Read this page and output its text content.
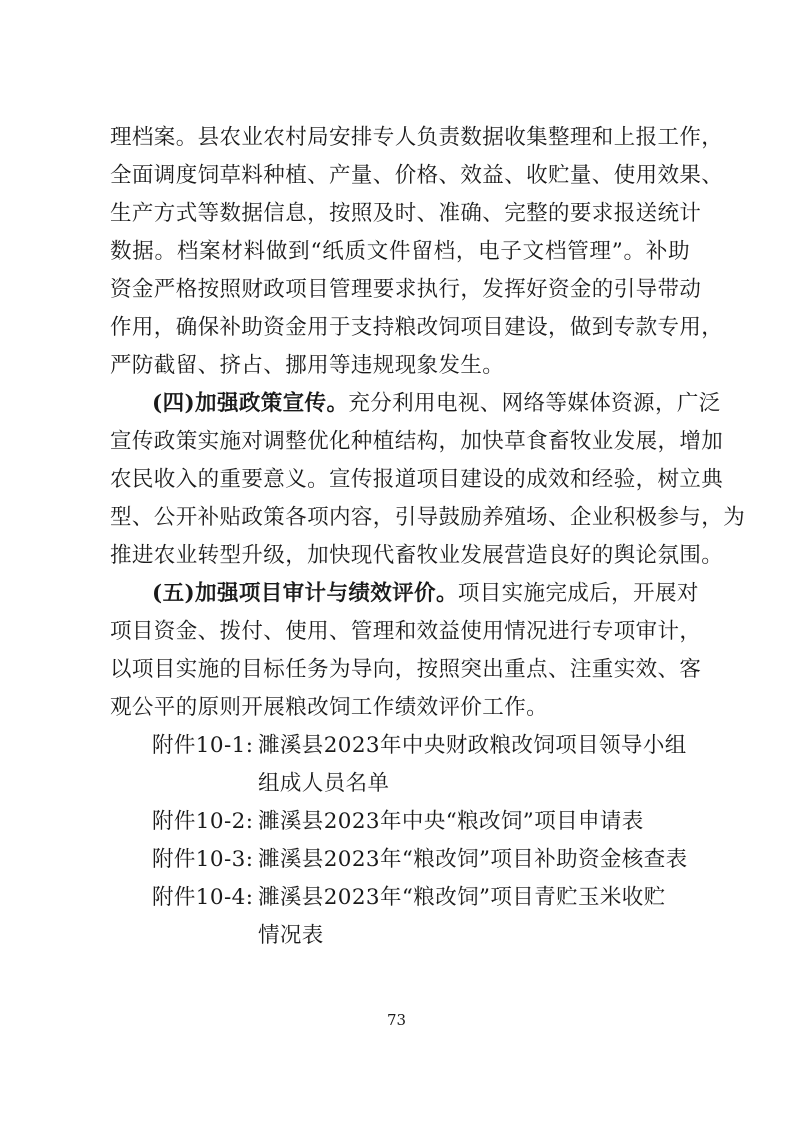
理档案。县农业农村局安排专人负责数据收集整理和上报工作，
全面调度饲草料种植、产量、价格、效益、收贮量、使用效果、
生产方式等数据信息，按照及时、准确、完整的要求报送统计
数据。档案材料做到“纸质文件留档，电子文档管理”。补助
资金严格按照财政项目管理要求执行，发挥好资金的引导带动
作用，确保补助资金用于支持粮改饲项目建设，做到专款专用，
严防截留、挤占、挪用等违规现象发生。
(四)加强政策宣传。充分利用电视、网络等媒体资源，广泛
宣传政策实施对调整优化种植结构，加快草食畜牧业发展，增加
农民收入的重要意义。宣传报道项目建设的成效和经验，树立典
型、公开补贴政策各项内容，引导鼓励养殖场、企业积极参与，为
推进农业转型升级，加快现代畜牧业发展营造良好的舆论氛围。
(五)加强项目审计与绩效评价。项目实施完成后，开展对
项目资金、拨付、使用、管理和效益使用情况进行专项审计，
以项目实施的目标任务为导向，按照突出重点、注重实效、客
观公平的原则开展粮改饲工作绩效评价工作。
附件10-1: 濉溪县2023年中央财政粮改饲项目领导小组
组成人员名单
附件10-2: 濉溪县2023年中央“粮改饲”项目申请表
附件10-3: 濉溪县2023年“粮改饲”项目补助资金核查表
附件10-4: 濉溪县2023年“粮改饲”项目青贮玉米收贮
情况表
73
